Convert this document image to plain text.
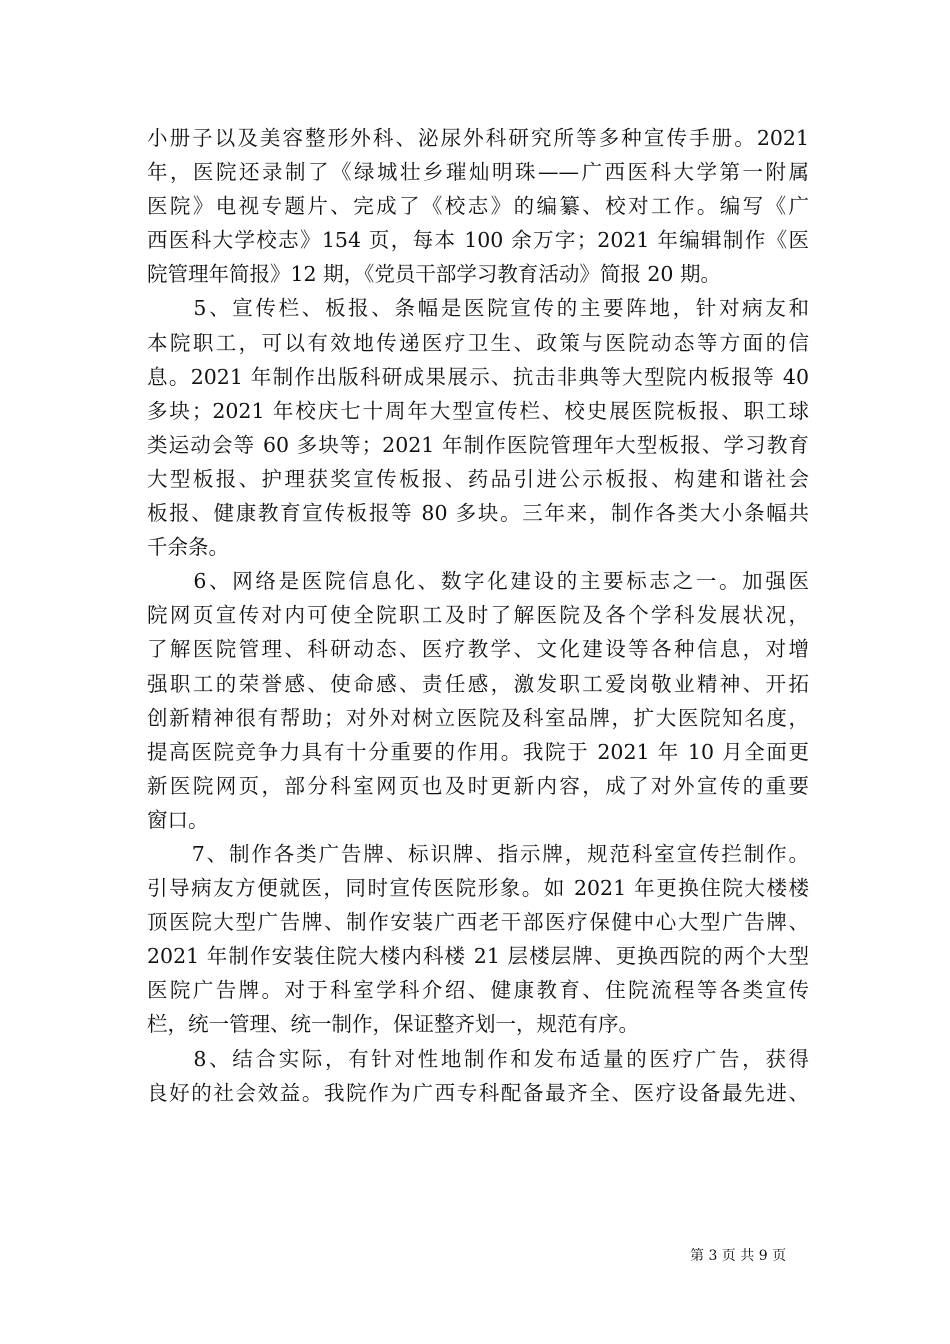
小册子以及美容整形外科、泌尿外科研究所等多种宣传手册。2021
年，医院还录制了《绿城壮乡璀灿明珠——广西医科大学第一附属
医院》电视专题片、完成了《校志》的编纂、校对工作。编写《广
西医科大学校志》154 页，每本 100 余万字；2021 年编辑制作《医
院管理年简报》12 期，《党员干部学习教育活动》简报 20 期。
　　5、宣传栏、板报、条幅是医院宣传的主要阵地，针对病友和
本院职工，可以有效地传递医疗卫生、政策与医院动态等方面的信
息。2021 年制作出版科研成果展示、抗击非典等大型院内板报等 40
多块；2021 年校庆七十周年大型宣传栏、校史展医院板报、职工球
类运动会等 60 多块等；2021 年制作医院管理年大型板报、学习教育
大型板报、护理获奖宣传板报、药品引进公示板报、构建和谐社会
板报、健康教育宣传板报等 80 多块。三年来，制作各类大小条幅共
千余条。
　　6、网络是医院信息化、数字化建设的主要标志之一。加强医
院网页宣传对内可使全院职工及时了解医院及各个学科发展状况，
了解医院管理、科研动态、医疗教学、文化建设等各种信息，对增
强职工的荣誉感、使命感、责任感，激发职工爱岗敬业精神、开拓
创新精神很有帮助；对外对树立医院及科室品牌，扩大医院知名度，
提高医院竞争力具有十分重要的作用。我院于 2021 年 10 月全面更
新医院网页，部分科室网页也及时更新内容，成了对外宣传的重要
窗口。
　　7、制作各类广告牌、标识牌、指示牌，规范科室宣传拦制作。
引导病友方便就医，同时宣传医院形象。如 2021 年更换住院大楼楼
顶医院大型广告牌、制作安装广西老干部医疗保健中心大型广告牌、
2021 年制作安装住院大楼内科楼 21 层楼层牌、更换西院的两个大型
医院广告牌。对于科室学科介绍、健康教育、住院流程等各类宣传
栏，统一管理、统一制作，保证整齐划一，规范有序。
　　8、结合实际，有针对性地制作和发布适量的医疗广告，获得
良好的社会效益。我院作为广西专科配备最齐全、医疗设备最先进、
第 3 页 共 9 页
